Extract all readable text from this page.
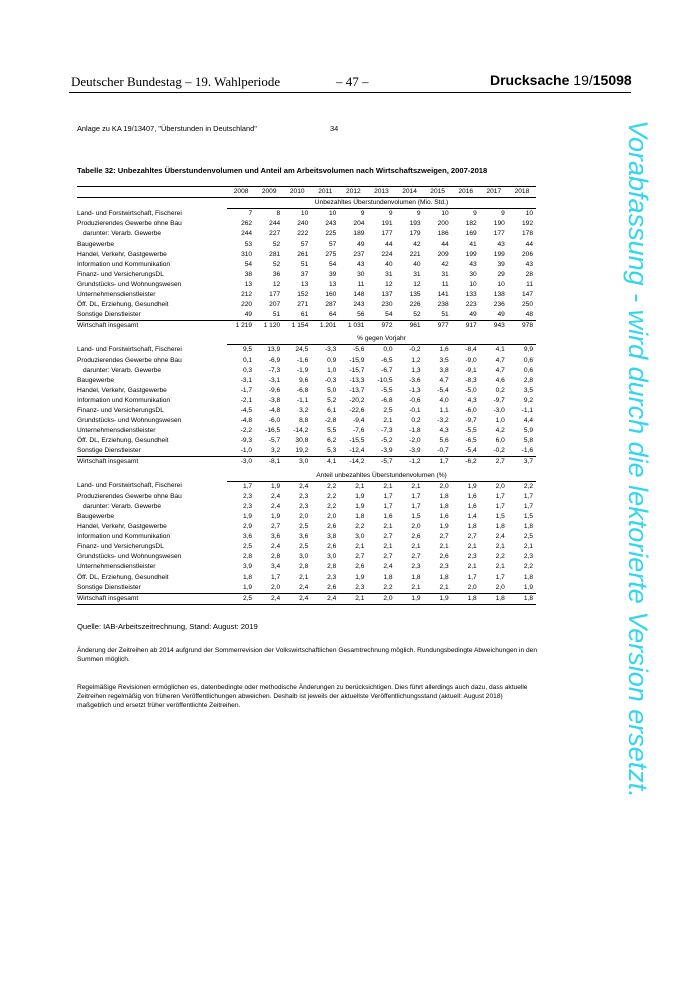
Deutscher Bundestag – 19. Wahlperiode	– 47 –	Drucksache 19/15098
Anlage zu KA 19/13407, "Überstunden in Deutschland"	34
Tabelle 32: Unbezahltes Überstundenvolumen und Anteil am Arbeitsvolumen nach Wirtschaftszweigen, 2007-2018
	2008	2009	2010	2011	2012	2013	2014	2015	2016	2017	2018
	Unbezahltes Überstundenvolumen (Mio. Std.)										
Land- und Forstwirtschaft, Fischerei	7	8	10	10	9	9	9	10	9	9	10
Produzierendes Gewerbe ohne Bau	262	244	240	243	204	191	193	200	182	190	192
darunter: Verarb. Gewerbe	244	227	222	225	189	177	179	186	169	177	178
Baugewerbe	53	52	57	57	49	44	42	44	41	43	44
Handel, Verkehr, Gastgewerbe	310	281	261	275	237	224	221	209	199	199	206
Information und Kommunikation	54	52	51	54	43	40	40	42	43	39	43
Finanz- und VersicherungsDL	38	36	37	39	30	31	31	31	30	29	28
Grundstücks- und Wohnungswesen	13	12	13	13	11	12	12	11	10	10	11
Unternehmensdienstleister	212	177	152	160	148	137	135	141	133	138	147
Öff. DL, Erziehung, Gesundheit	220	207	271	287	243	230	226	238	223	236	250
Sonstige Dienstleister	49	51	61	64	56	54	52	51	49	49	48
Wirtschaft insgesamt	1 219	1 120	1 154	1.201	1 031	972	961	977	917	943	978

	% gegen Vorjahr										
Land- und Forstwirtschaft, Fischerei	9,5	13,9	24,5	-3,3	-5,6	0,0	-0,2	1,6	-8,4	4,1	9,9
Produzierendes Gewerbe ohne Bau	0,1	-6,9	-1,6	0,9	-15,9	-6,5	1,2	3,5	-9,0	4,7	0,6
darunter: Verarb. Gewerbe	0,3	-7,3	-1,9	1,0	-15,7	-6,7	1,3	3,8	-9,1	4,7	0,6
Baugewerbe	-3,1	-3,1	9,6	-0,3	-13,3	-10,5	-3,6	4,7	-8,3	4,6	2,8
Handel, Verkehr, Gastgewerbe	-1,7	-9,6	-6,8	5,0	-13,7	-5,5	-1,3	-5,4	-5,0	0,2	3,5
Information und Kommunikation	-2,1	-3,8	-1,1	5,2	-20,2	-6,8	-0,6	4,0	4,3	-9,7	9,2
Finanz- und VersicherungsDL	-4,5	-4,8	3,2	6,1	-22,6	2,5	-0,1	1,1	-6,0	-3,0	-1,1
Grundstücks- und Wohnungswesen	-4,8	-6,0	8,8	-2,8	-9,4	2,1	0,2	-3,2	-9,7	1,0	4,4
Unternehmensdienstleister	-2,2	-16,5	-14,2	5,5	-7,6	-7,3	-1,8	4,3	-5,5	4,2	5,9
Öff. DL, Erziehung, Gesundheit	-9,3	-5,7	30,8	6,2	-15,5	-5,2	-2,0	5,6	-6,5	6,0	5,8
Sonstige Dienstleister	-1,0	3,2	19,2	5,3	-12,4	-3,9	-3,9	-0,7	-5,4	-0,2	-1,6
Wirtschaft insgesamt	-3,0	-8,1	3,0	4,1	-14,2	-5,7	-1,2	1,7	-6,2	2,7	3,7

	Anteil unbezahltes Überstundenvolumen (%)										
Land- und Forstwirtschaft, Fischerei	1,7	1,9	2,4	2,2	2,1	2,1	2,1	2,0	1,9	2,0	2,2
Produzierendes Gewerbe ohne Bau	2,3	2,4	2,3	2,2	1,9	1,7	1,7	1,8	1,6	1,7	1,7
darunter: Verarb. Gewerbe	2,3	2,4	2,3	2,2	1,9	1,7	1,7	1,8	1,6	1,7	1,7
Baugewerbe	1,9	1,9	2,0	2,0	1,8	1,6	1,5	1,6	1,4	1,5	1,5
Handel, Verkehr, Gastgewerbe	2,9	2,7	2,5	2,6	2,2	2,1	2,0	1,9	1,8	1,8	1,8
Information und Kommunikation	3,6	3,6	3,6	3,8	3,0	2,7	2,6	2,7	2,7	2,4	2,5
Finanz- und VersicherungsDL	2,5	2,4	2,5	2,6	2,1	2,1	2,1	2,1	2,1	2,1	2,1
Grundstücks- und Wohnungswesen	2,8	2,8	3,0	3,0	2,7	2,7	2,7	2,6	2,3	2,2	2,3
Unternehmensdienstleister	3,9	3,4	2,8	2,8	2,6	2,4	2,3	2,3	2,1	2,1	2,2
Öff. DL, Erziehung, Gesundheit	1,8	1,7	2,1	2,3	1,9	1,8	1,8	1,8	1,7	1,7	1,8
Sonstige Dienstleister	1,9	2,0	2,4	2,6	2,3	2,2	2,1	2,1	2,0	2,0	1,9
Wirtschaft insgesamt	2,5	2,4	2,4	2,4	2,1	2,0	1,9	1,9	1,8	1,8	1,8
Quelle: IAB-Arbeitszeitrechnung, Stand: August: 2019
Änderung der Zeitreihen ab 2014 aufgrund der Sommerrevision der Volkswirtschaftlichen Gesamtrechnung möglich. Rundungsbedingte Abweichungen in den Summen möglich.
Regelmäßige Revisionen ermöglichen es, datenbedingte oder methodische Änderungen zu berücksichtigen. Dies führt allerdings auch dazu, dass aktuelle Zeitreihen regelmäßig von früheren Veröffentlichungen abweichen. Deshalb ist jeweils der aktuellste Veröffentlichungsstand (aktuell: August 2018) maßgeblich und ersetzt früher veröffentlichte Zeitreihen.	Vorabfassung - wird durch die lektorierte Version ersetzt.
